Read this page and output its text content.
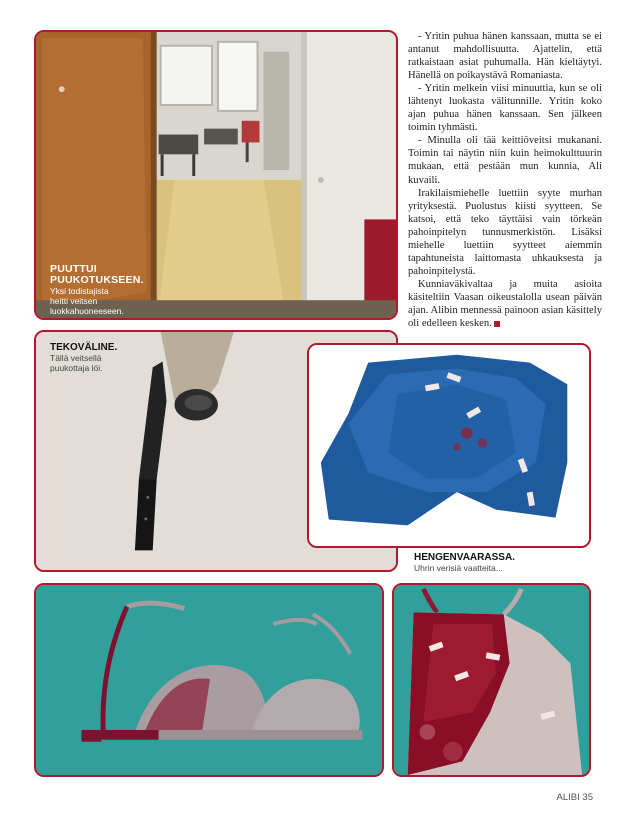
PUUTTUI
PUUKOTUKSEEN.
Yksi todistajista
heitti veitsen
luokkahuoneeseen.

- Yritin puhua hänen kanssaan, mutta se ei antanut mahdollisuutta. Ajattelin, että ratkaistaan asiat puhumalla. Hän kieltäytyi. Hänellä on poikaystävä Romaniasta.

- Yritin melkein viisi minuuttia, kun se oli lähtenyt luokasta välitunnille. Yritin koko ajan puhua hänen kanssaan. Sen jälkeen toimin tyhmästi.

- Minulla oli tää keittiöveitsi mukanani. Toimin tai näytin niin kuin heimokulttuurin mukaan, että pestään mun kunnia, Ali kuvaili.

Irakilaismiehelle luettiin syyte murhan yrityksestä. Puolustus kiisti syytteen. Se katsoi, että teko täyttäisi vain törkeän pahoinpitelyn tunnusmerkistön. Lisäksi miehelle luettiin syytteet aiemmin tapahtuneista laittomasta uhkauksesta ja pahoinpitelystä.

Kunniaväkivaltaa ja muita asioita käsiteltiin Vaasan oikeustalolla usean päivän ajan. Alibin mennessä painoon asian käsittely oli edelleen kesken.

TEKOVÄLINE.
Tällä veitsellä
puukottaja löi.
HENGENVAARASSA.
Uhrin verisiä vaatteita...
ALIBI 35
